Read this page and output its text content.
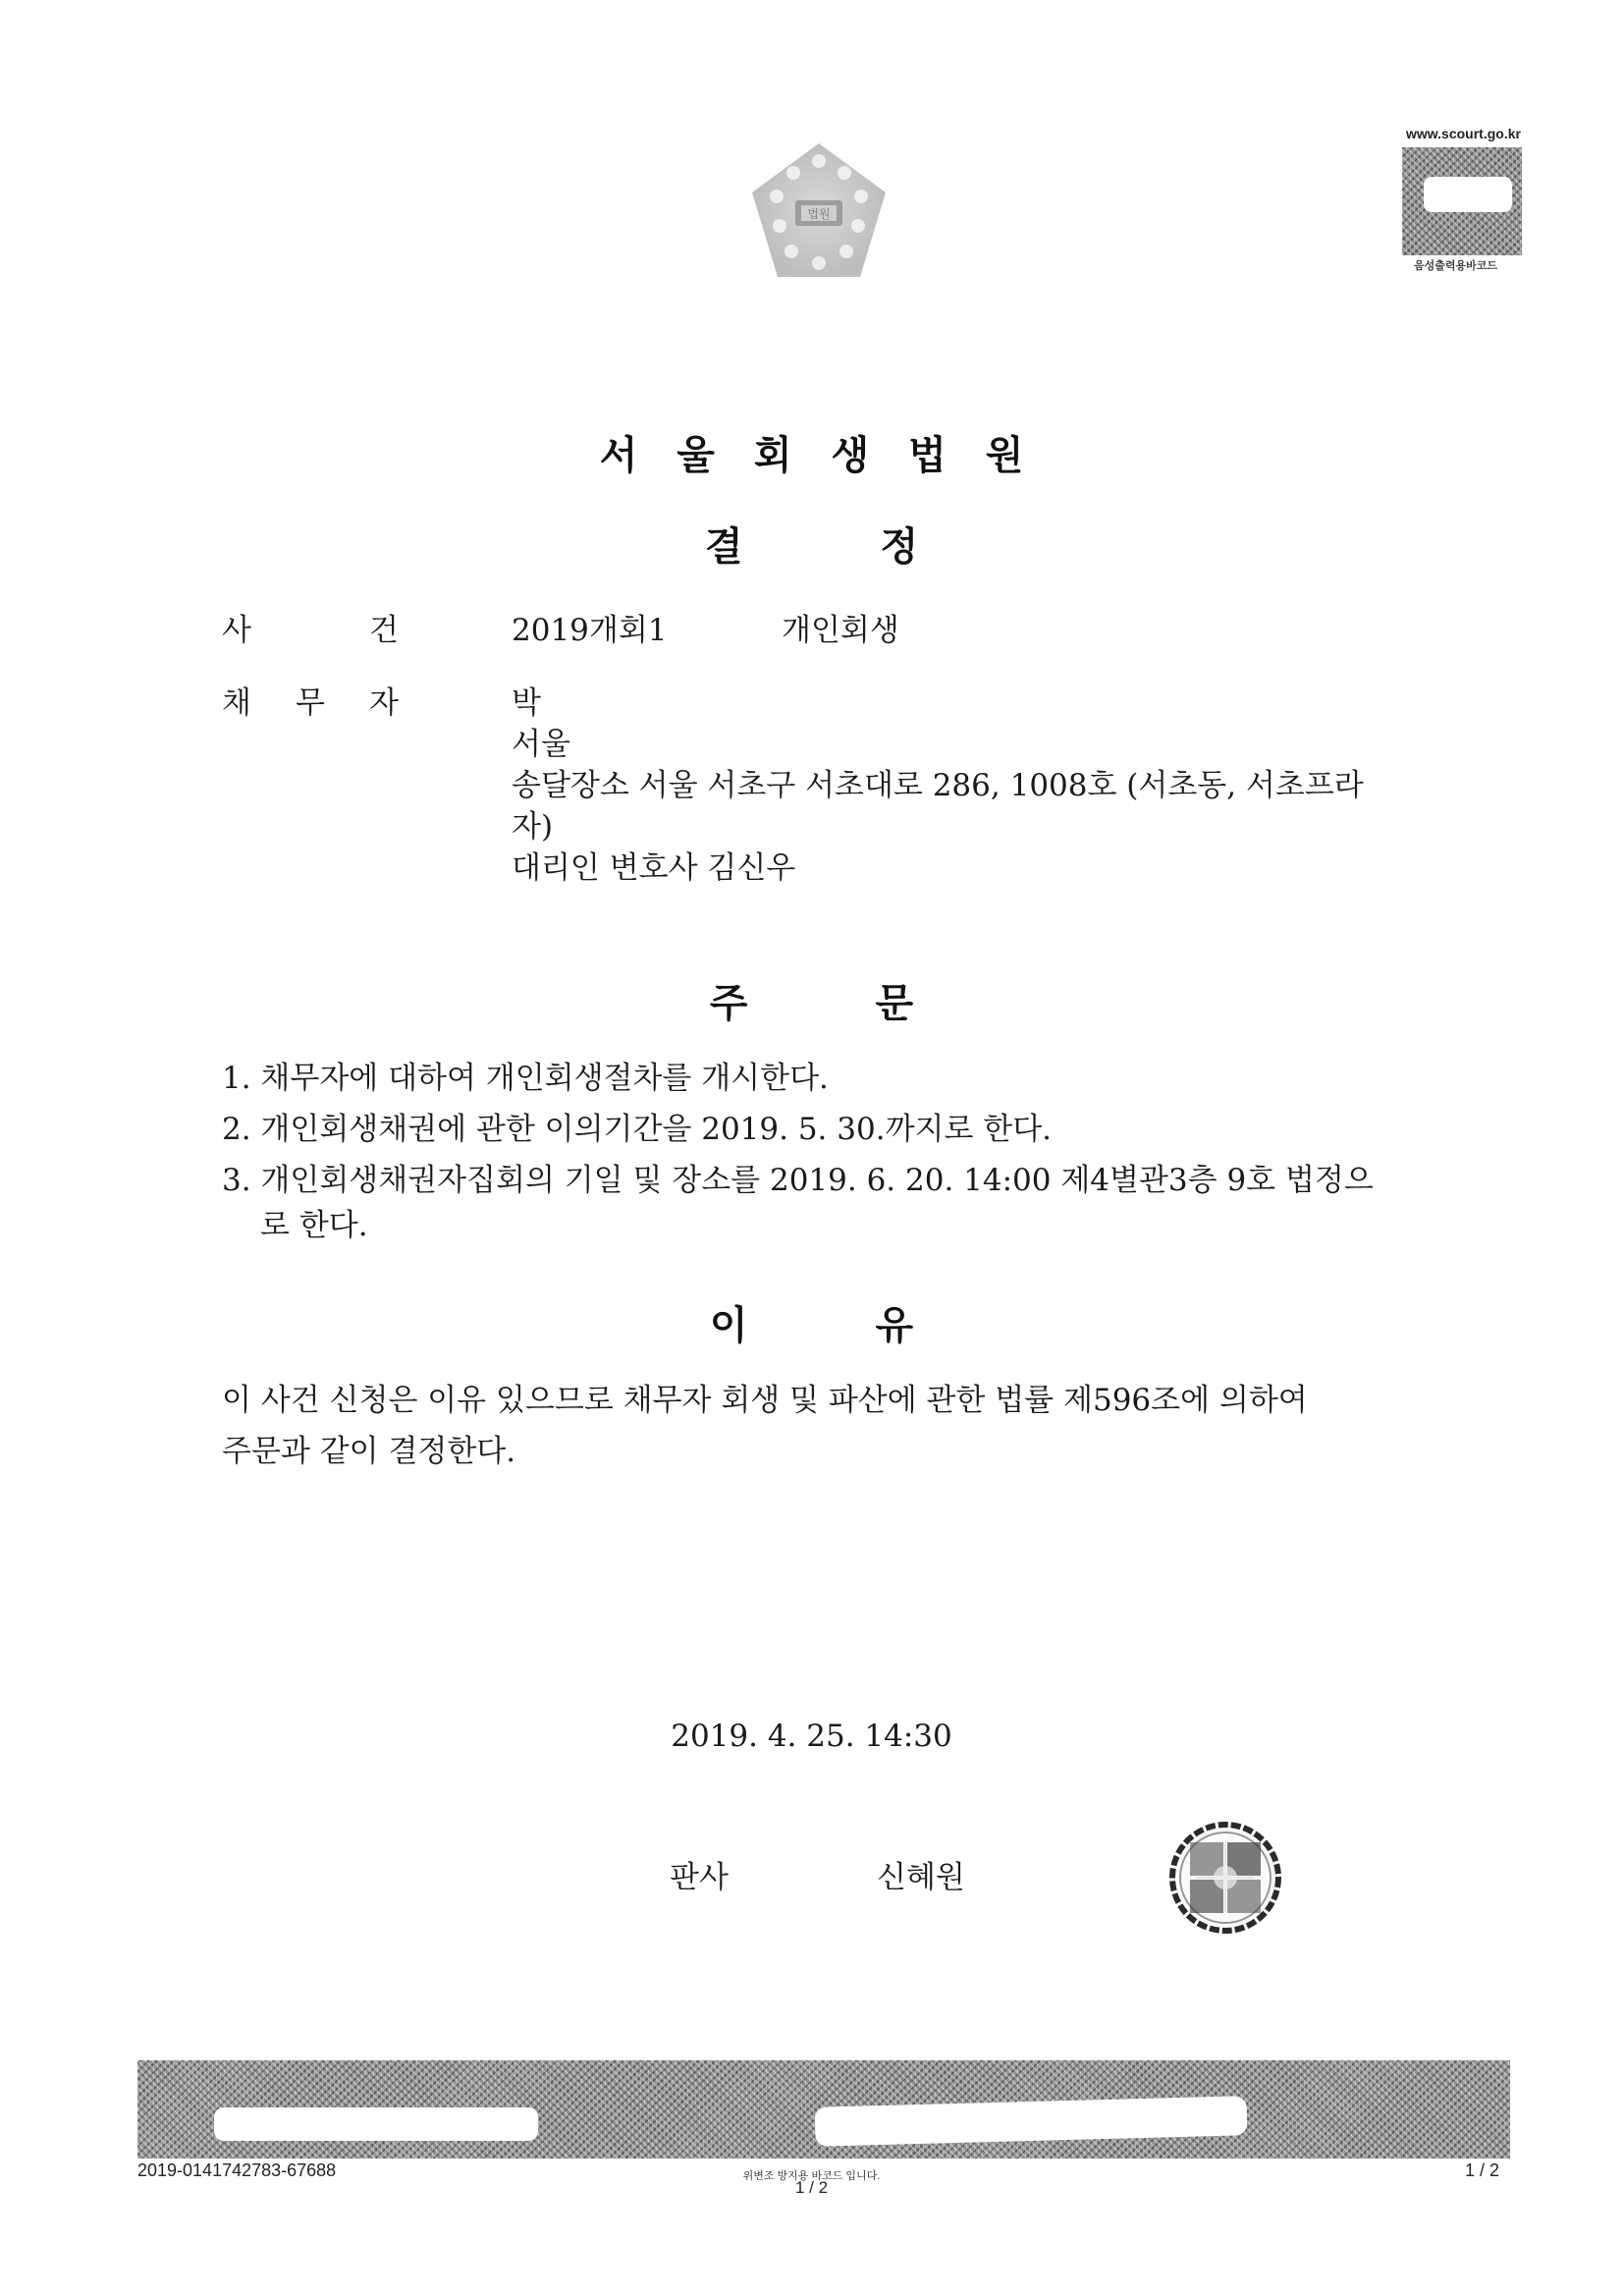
법원
www.scourt.go.kr
음성출력용바코드
서울회생법원
결정
사	건	2019개회1	개인회생
채 무 자	박
서울
송달장소 서울 서초구 서초대로 286, 1008호 (서초동, 서초프라
자)
대리인 변호사 김신우
주문
1. 채무자에 대하여 개인회생절차를 개시한다.
2. 개인회생채권에 관한 이의기간을 2019. 5. 30.까지로 한다.
3. 개인회생채권자집회의 기일 및 장소를 2019. 6. 20. 14:00 제4별관3층 9호 법정으
로 한다.
이유
이 사건 신청은 이유 있으므로 채무자 회생 및 파산에 관한 법률 제596조에 의하여
주문과 같이 결정한다.
2019. 4. 25. 14:30
판사	신혜원
2019-0141742783-67688	위변조 방지용 바코드 입니다.
1 / 2
1 / 2
